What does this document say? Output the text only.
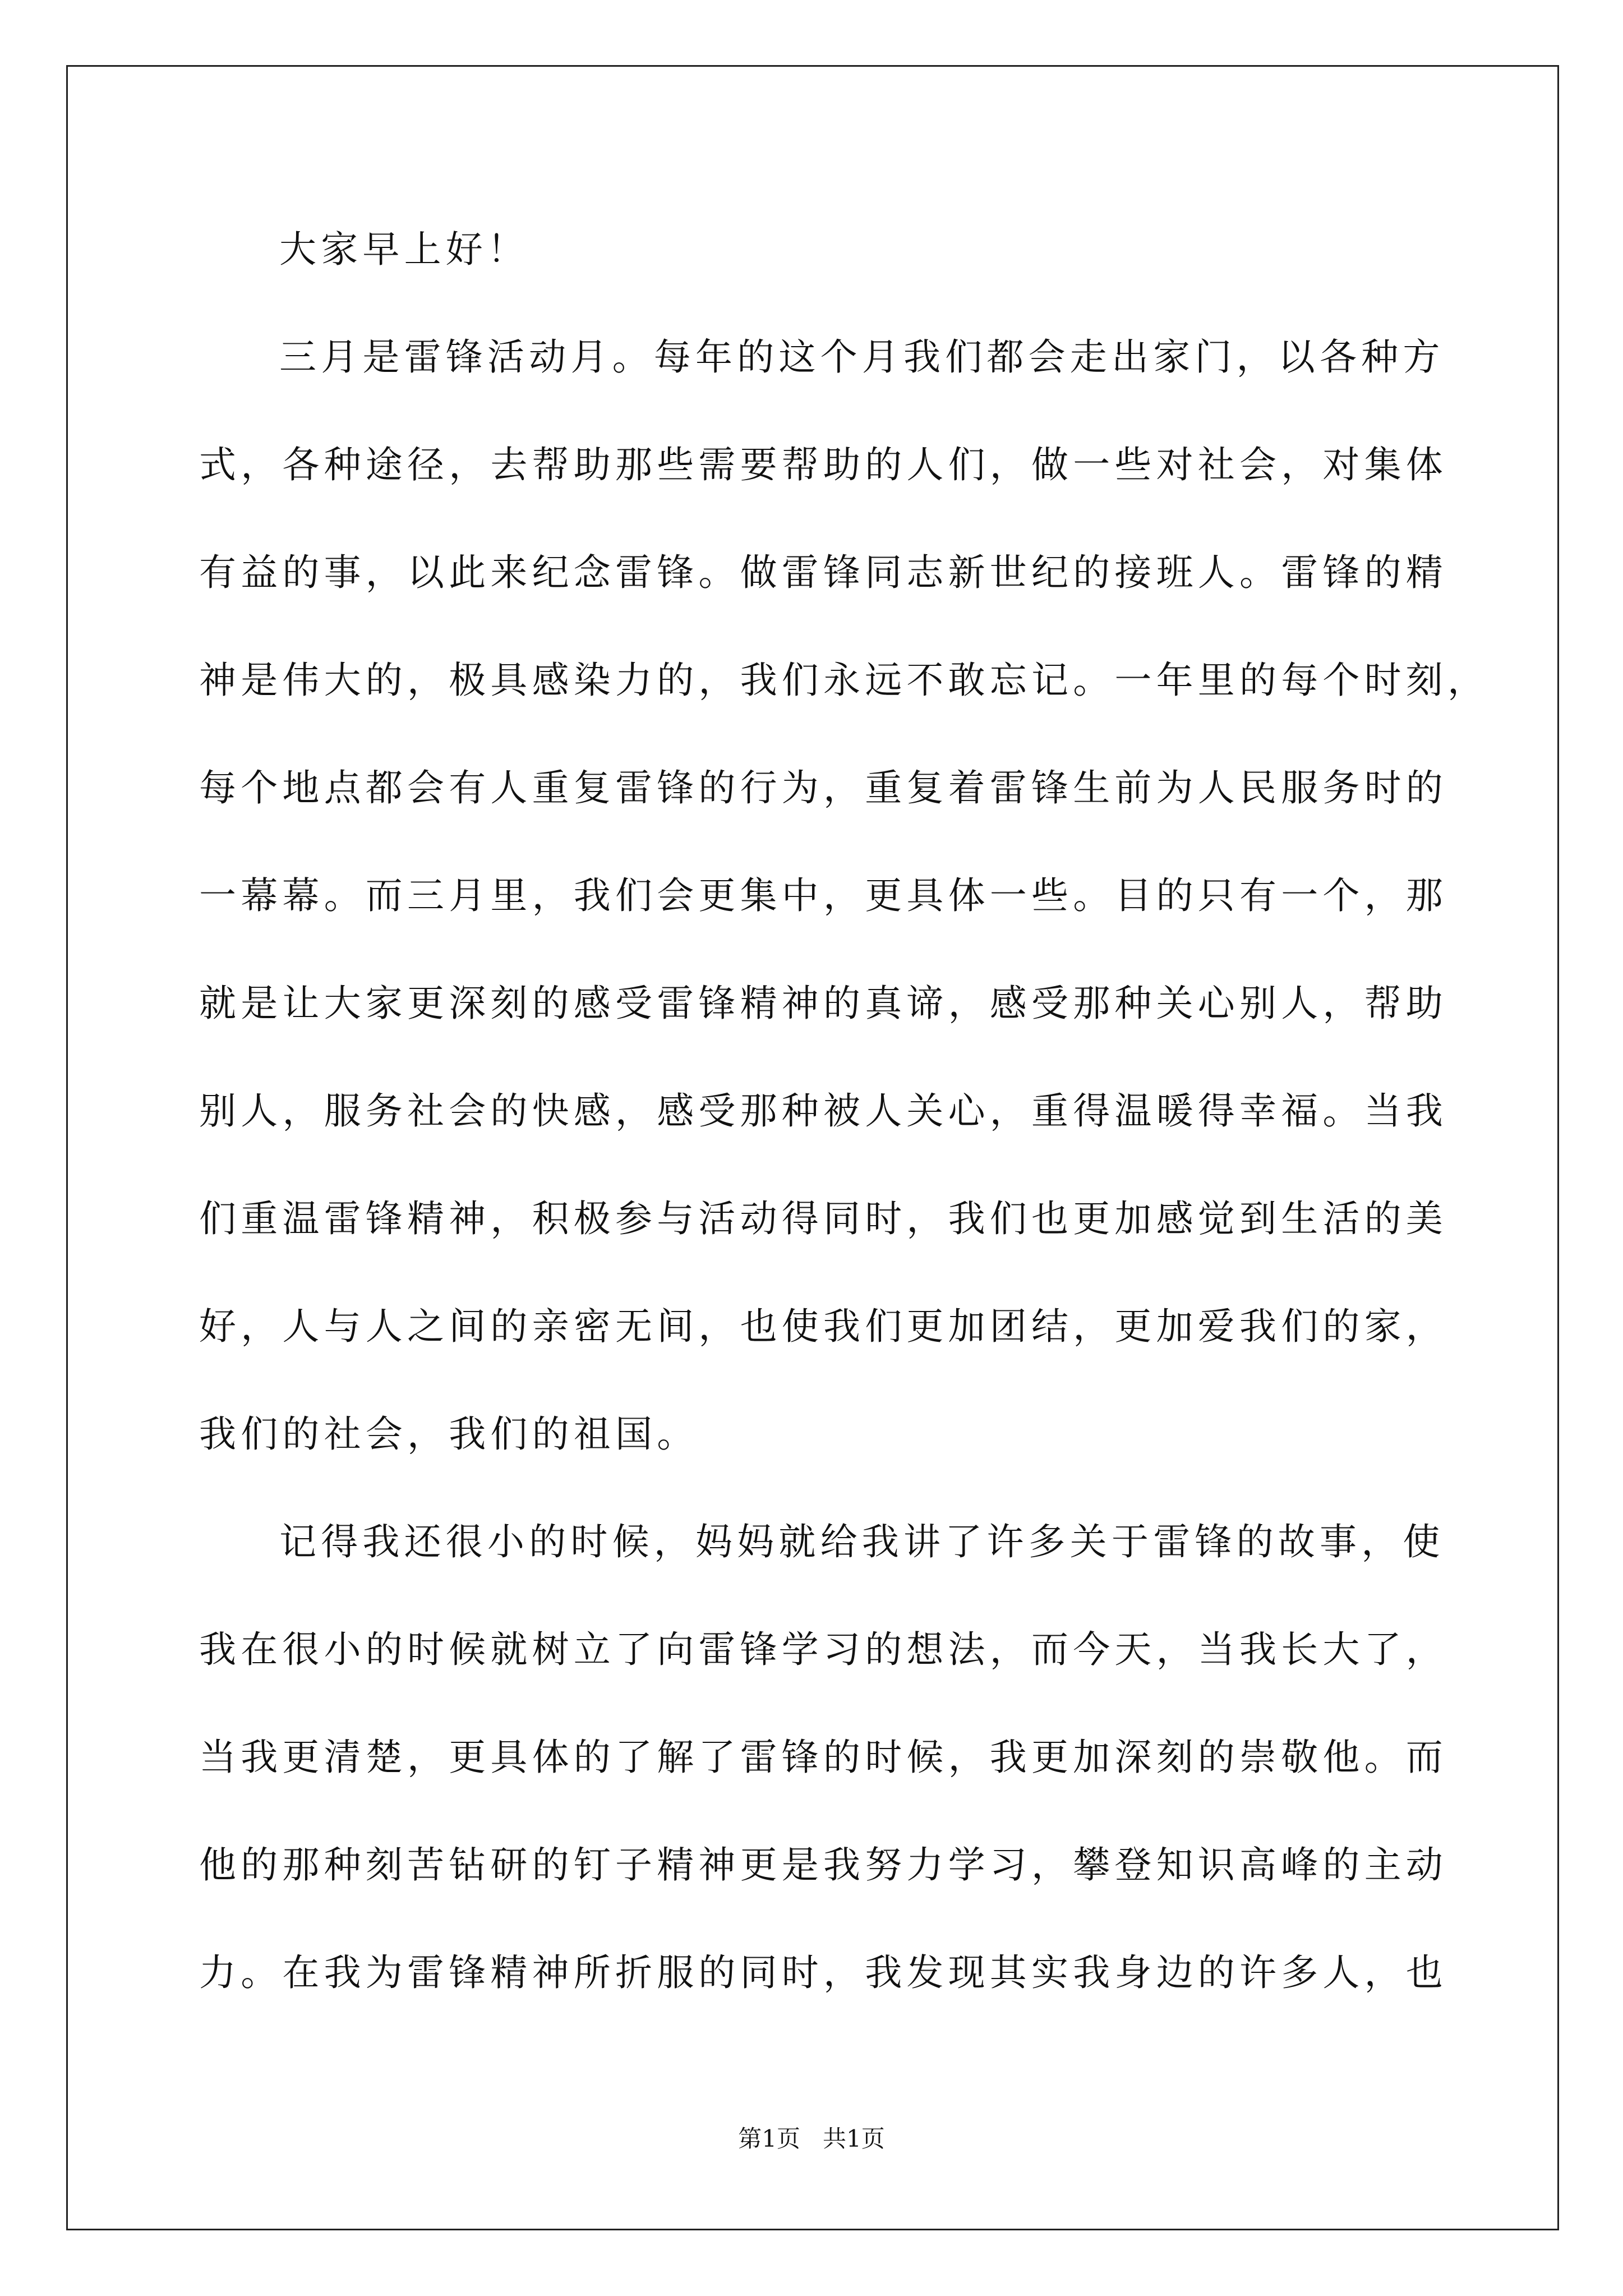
大家早上好！
三月是雷锋活动月。每年的这个月我们都会走出家门，以各种方
式，各种途径，去帮助那些需要帮助的人们，做一些对社会，对集体
有益的事，以此来纪念雷锋。做雷锋同志新世纪的接班人。雷锋的精
神是伟大的，极具感染力的，我们永远不敢忘记。一年里的每个时刻，
每个地点都会有人重复雷锋的行为，重复着雷锋生前为人民服务时的
一幕幕。而三月里，我们会更集中，更具体一些。目的只有一个，那
就是让大家更深刻的感受雷锋精神的真谛，感受那种关心别人，帮助
别人，服务社会的快感，感受那种被人关心，重得温暖得幸福。当我
们重温雷锋精神，积极参与活动得同时，我们也更加感觉到生活的美
好，人与人之间的亲密无间，也使我们更加团结，更加爱我们的家，
我们的社会，我们的祖国。
记得我还很小的时候，妈妈就给我讲了许多关于雷锋的故事，使
我在很小的时候就树立了向雷锋学习的想法，而今天，当我长大了，
当我更清楚，更具体的了解了雷锋的时候，我更加深刻的崇敬他。而
他的那种刻苦钻研的钉子精神更是我努力学习，攀登知识高峰的主动
力。在我为雷锋精神所折服的同时，我发现其实我身边的许多人，也
第1页   共1页
